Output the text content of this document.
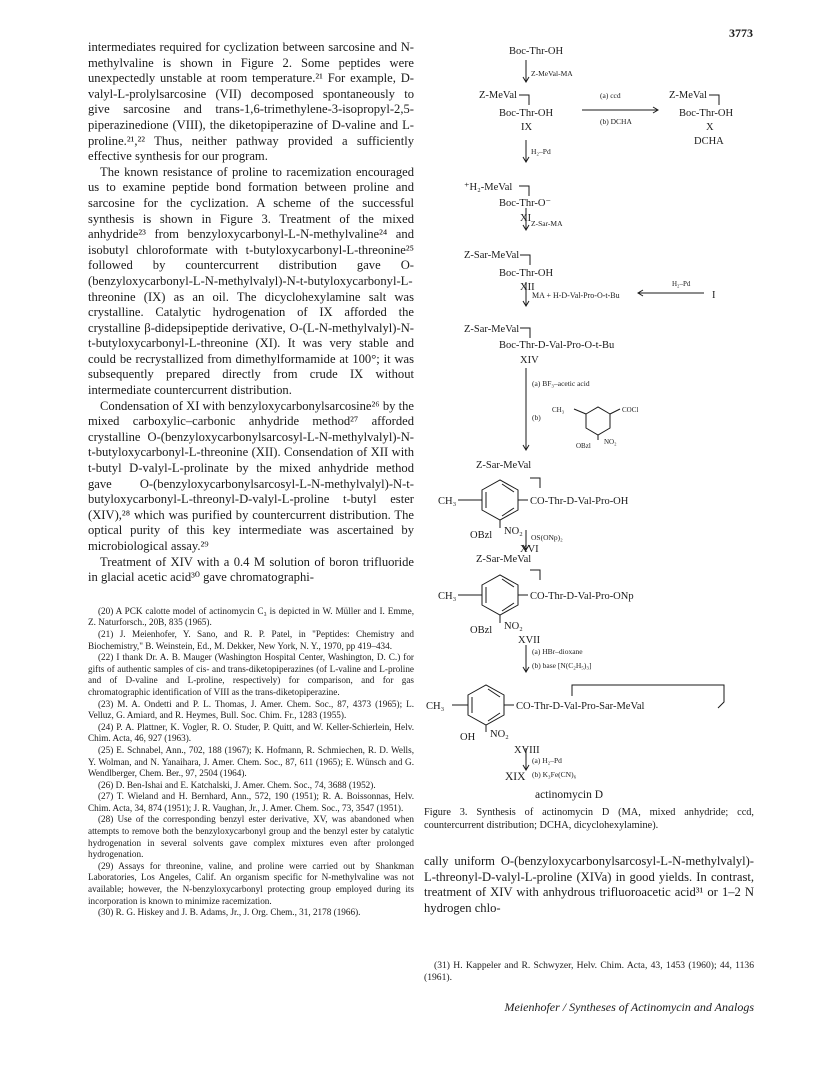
3773

intermediates required for cyclization between sarcosine and N-methylvaline is shown in Figure 2. Some peptides were unexpectedly unstable at room temperature.²¹ For example, D-valyl-L-prolylsarcosine (VII) decomposed spontaneously to give sarcosine and trans-1,6-trimethylene-3-isopropyl-2,5-piperazinedione (VIII), the diketopiperazine of D-valine and L-proline.²¹,²² Thus, neither pathway provided a sufficiently effective synthesis for our program.

The known resistance of proline to racemization encouraged us to examine peptide bond formation between proline and sarcosine for the cyclization. A scheme of the successful synthesis is shown in Figure 3. Treatment of the mixed anhydride²³ from benzyloxycarbonyl-L-N-methylvaline²⁴ and isobutyl chloroformate with t-butyloxycarbonyl-L-threonine²⁵ followed by countercurrent distribution gave O-(benzyloxycarbonyl-L-N-methylvalyl)-N-t-butyloxycarbonyl-L-threonine (IX) as an oil. The dicyclohexylamine salt was crystalline. Catalytic hydrogenation of IX afforded the crystalline β-didepsipeptide derivative, O-(L-N-methylvalyl)-N-t-butyloxycarbonyl-L-threonine (XI). It was very stable and could be recrystallized from dimethylformamide at 100°; it was subsequently prepared directly from crude IX without intermediate countercurrent distribution.

Condensation of XI with benzyloxycarbonylsarcosine²⁶ by the mixed carboxylic–carbonic anhydride method²⁷ afforded crystalline O-(benzyloxycarbonylsarcosyl-L-N-methylvalyl)-N-t-butyloxycarbonyl-L-threonine (XII). Consendation of XII with t-butyl D-valyl-L-prolinate by the mixed anhydride method gave O-(benzyloxycarbonylsarcosyl-L-N-methylvalyl)-N-t-butyloxycarbonyl-L-threonyl-D-valyl-L-proline t-butyl ester (XIV),²⁸ which was purified by countercurrent distribution. The optical purity of this key intermediate was ascertained by microbiological assay.²⁹

Treatment of XIV with a 0.4 M solution of boron trifluoride in glacial acetic acid³⁰ gave chromatographi-

(20) A PCK calotte model of actinomycin C₃ is depicted in W. Müller and I. Emme, Z. Naturforsch., 20B, 835 (1965).

(21) J. Meienhofer, Y. Sano, and R. P. Patel, in "Peptides: Chemistry and Biochemistry," B. Weinstein, Ed., M. Dekker, New York, N. Y., 1970, pp 419–434.

(22) I thank Dr. A. B. Mauger (Washington Hospital Center, Washington, D. C.) for gifts of authentic samples of cis- and trans-diketopiperazines (of L-valine and L-proline and of D-valine and L-proline, respectively) for comparison, and for gas chromatographic identification of VIII as the trans-diketopiperazine.

(23) M. A. Ondetti and P. L. Thomas, J. Amer. Chem. Soc., 87, 4373 (1965); L. Velluz, G. Amiard, and R. Heymes, Bull. Soc. Chim. Fr., 1283 (1955).

(24) P. A. Plattner, K. Vogler, R. O. Studer, P. Quitt, and W. Keller-Schierlein, Helv. Chim. Acta, 46, 927 (1963).

(25) E. Schnabel, Ann., 702, 188 (1967); K. Hofmann, R. Schmiechen, R. D. Wells, Y. Wolman, and N. Yanaihara, J. Amer. Chem. Soc., 87, 611 (1965); E. Wünsch and G. Wendlberger, Chem. Ber., 97, 2504 (1964).

(26) D. Ben-Ishai and E. Katchalski, J. Amer. Chem. Soc., 74, 3688 (1952).

(27) T. Wieland and H. Bernhard, Ann., 572, 190 (1951); R. A. Boissonnas, Helv. Chim. Acta, 34, 874 (1951); J. R. Vaughan, Jr., J. Amer. Chem. Soc., 73, 3547 (1951).

(28) Use of the corresponding benzyl ester derivative, XV, was abandoned when attempts to remove both the benzyloxycarbonyl group and the benzyl ester by catalytic hydrogenation in several solvents gave complex mixtures even after prolonged hydrogenation.

(29) Assays for threonine, valine, and proline were carried out by Shankman Laboratories, Los Angeles, Calif. An organism specific for N-methylvaline was not available; however, the N-benzyloxycarbonyl protecting group employed during its incorporation is known to minimize racemization.

(30) R. G. Hiskey and J. B. Adams, Jr., J. Org. Chem., 31, 2178 (1966).

Boc-Thr-OH
Z-MeVal-MA
Z-MeVal
Boc-Thr-OH
IX
(a) ccd
(b) DCHA
Z-MeVal
Boc-Thr-OH
X
DCHA
H₂–Pd
⁺H₂-MeVal
Boc-Thr-O⁻
XI Z-Sar-MA
Z-Sar-MeVal
Boc-Thr-OH
XII
MA + H-D-Val-Pro-O-t-Bu
H₂–Pd
I
Z-Sar-MeVal
Boc-Thr-D-Val-Pro-O-t-Bu
XIV
(a) BF₃–acetic acid
(b)
CH₃	COCl
OBzl NO₂
Z-Sar-MeVal
CH₃	CO-Thr-D-Val-Pro-OH
OBzl NO₂
XVI
OS(ONp)₂
Z-Sar-MeVal
CH₃	CO-Thr-D-Val-Pro-ONp
OBzl NO₂
XVII
(a) HBr–dioxane
(b) base [N(C₂H₅)₃]
CH₃	CO-Thr-D-Val-Pro-Sar-MeVal
OH NO₂
XVIII
(a) H₂–Pd
(b) K₃Fe(CN)₆
actinomycin D
Figure 3. Synthesis of actinomycin D (MA, mixed anhydride; ccd, countercurrent distribution; DCHA, dicyclohexylamine).
cally uniform O-(benzyloxycarbonylsarcosyl-L-N-methylvalyl)-L-threonyl-D-valyl-L-proline (XIVa) in good yields. In contrast, treatment of XIV with anhydrous trifluoroacetic acid³¹ or 1–2 N hydrogen chlo-
(31) H. Kappeler and R. Schwyzer, Helv. Chim. Acta, 43, 1453 (1960); 44, 1136 (1961).
Meienhofer / Syntheses of Actinomycin and Analogs
XIX
